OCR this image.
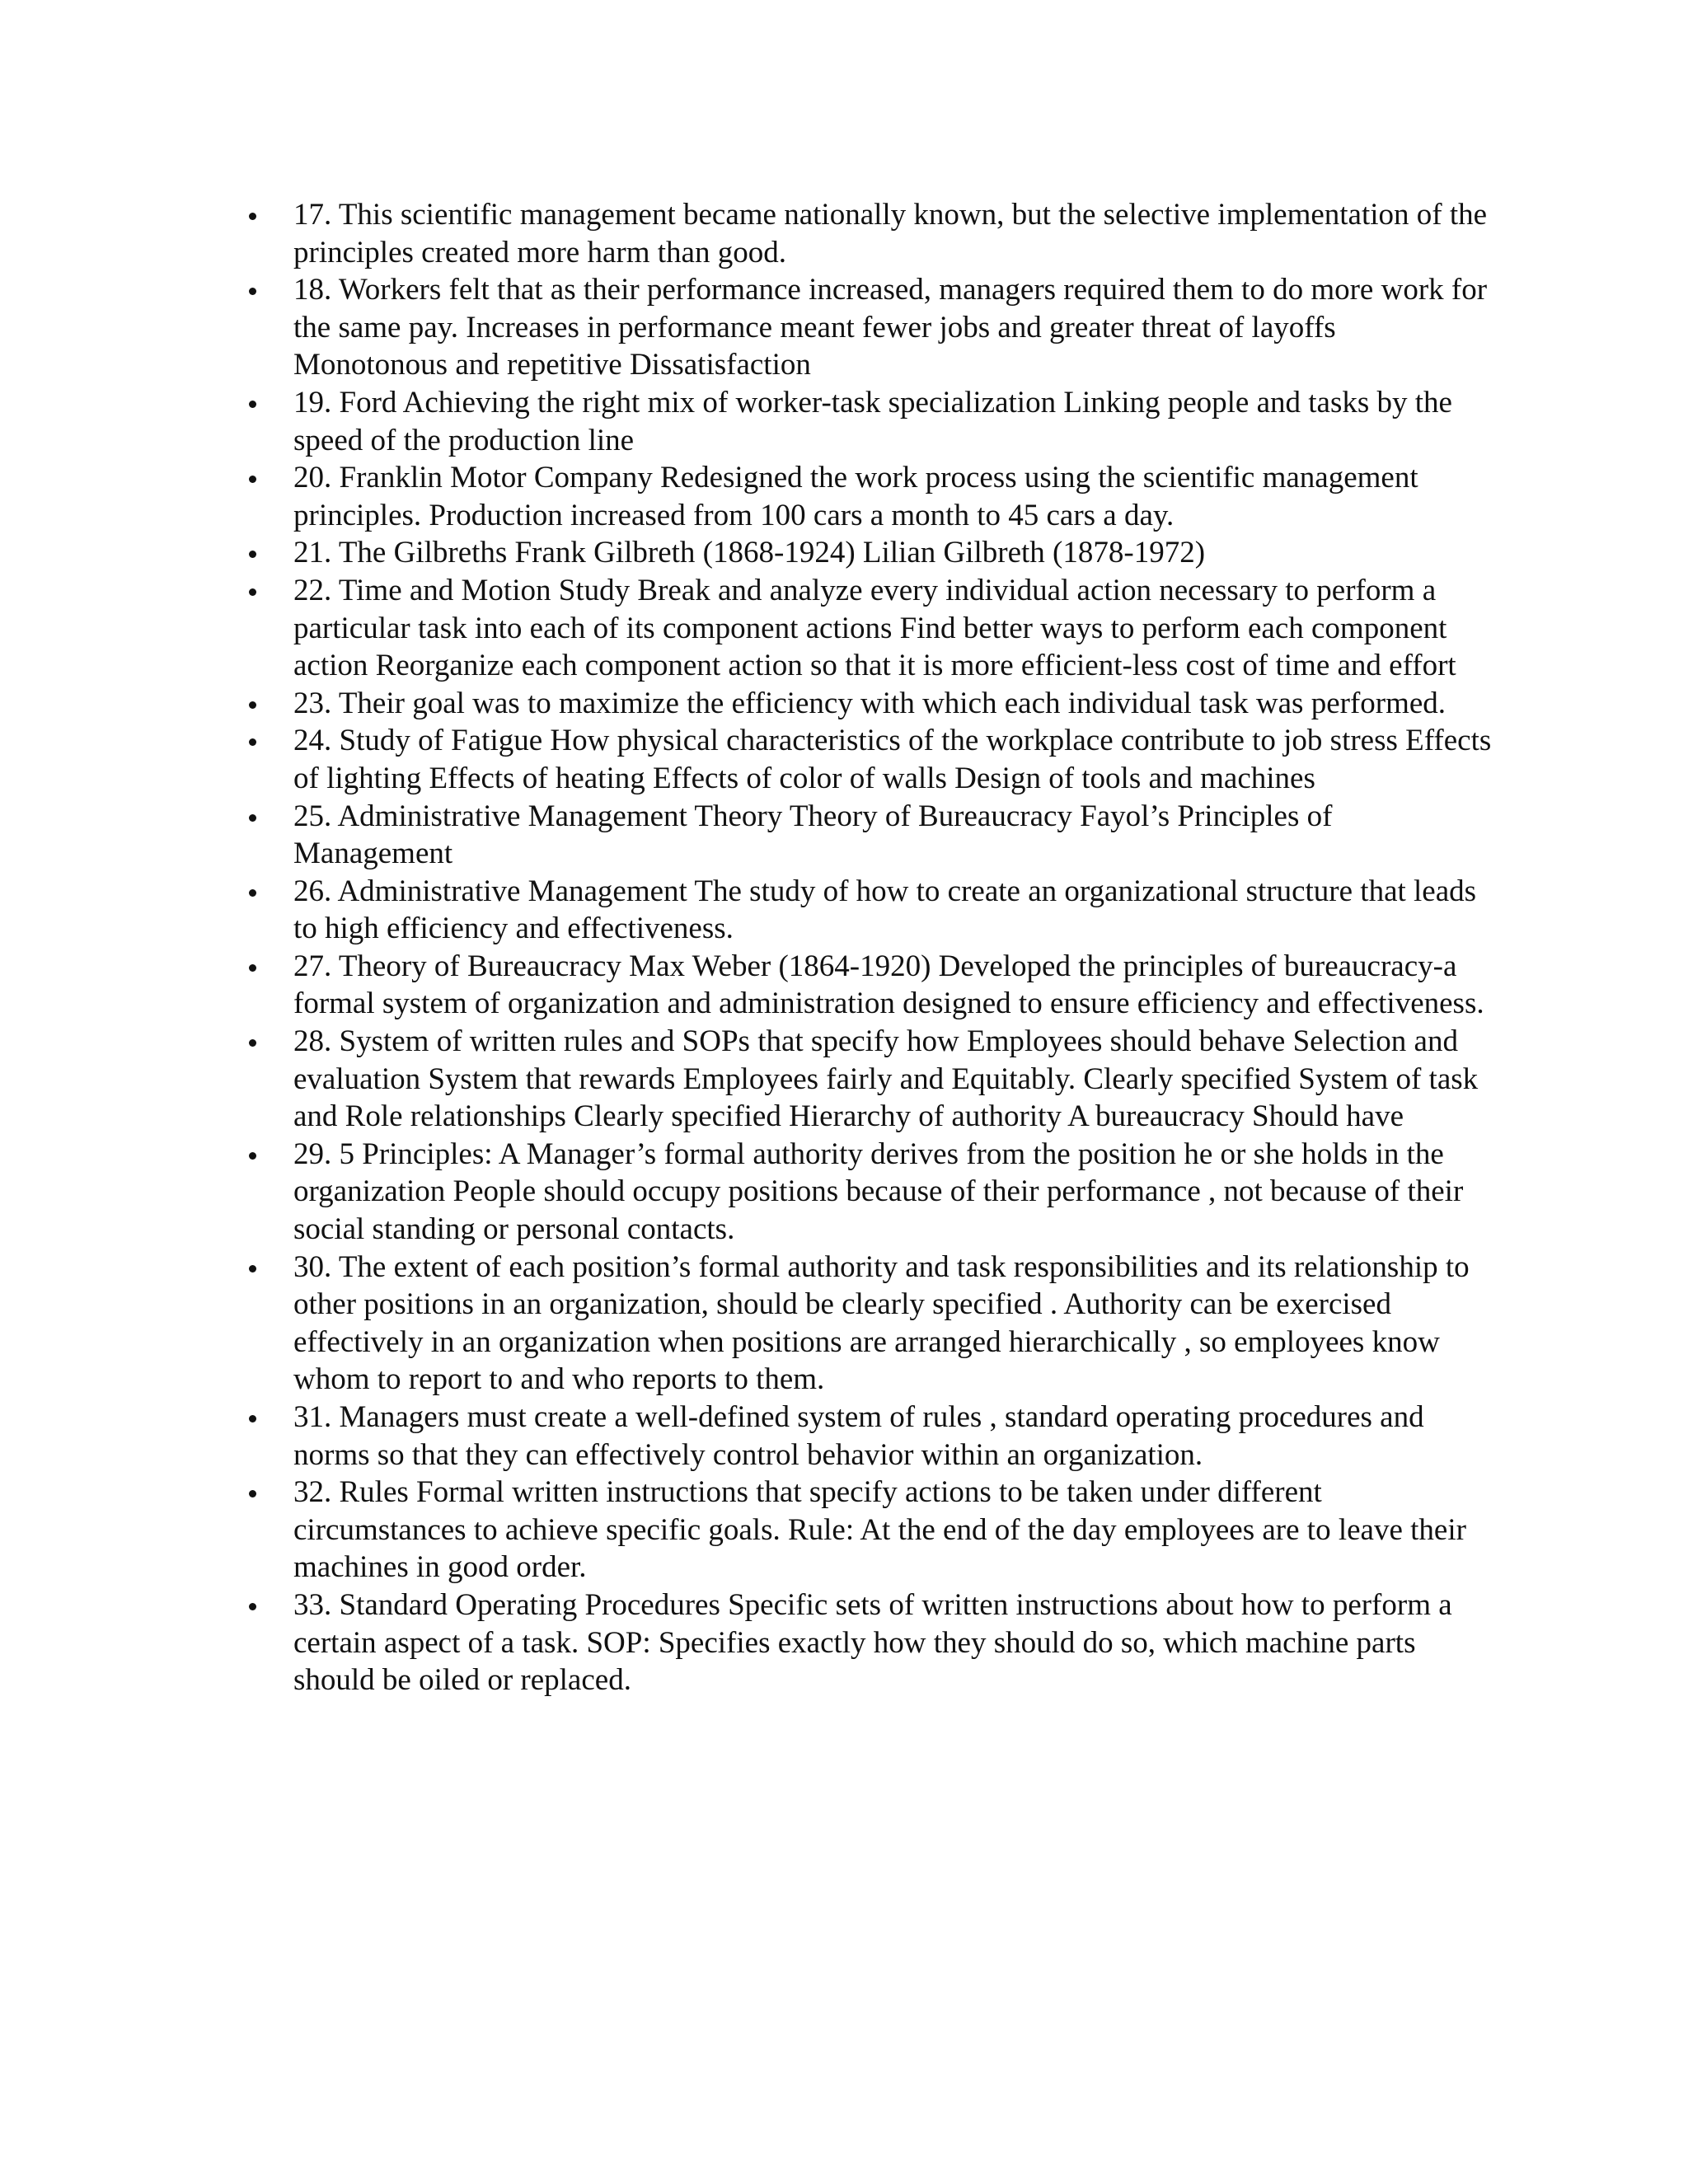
17. This scientific management became nationally known, but the selective implementation of the principles created more harm than good.
18. Workers felt that as their performance increased, managers required them to do more work for the same pay. Increases in performance meant fewer jobs and greater threat of layoffs Monotonous and repetitive Dissatisfaction
19. Ford Achieving the right mix of worker-task specialization Linking people and tasks by the speed of the production line
20. Franklin Motor Company Redesigned the work process using the scientific management principles. Production increased from 100 cars a month to 45 cars a day.
21. The Gilbreths Frank Gilbreth (1868-1924) Lilian Gilbreth (1878-1972)
22. Time and Motion Study Break and analyze every individual action necessary to perform a particular task into each of its component actions Find better ways to perform each component action Reorganize each component action so that it is more efficient-less cost of time and effort
23. Their goal was to maximize the efficiency with which each individual task was performed.
24. Study of Fatigue How physical characteristics of the workplace contribute to job stress Effects of lighting Effects of heating Effects of color of walls Design of tools and machines
25. Administrative Management Theory Theory of Bureaucracy Fayol’s Principles of Management
26. Administrative Management The study of how to create an organizational structure that leads to high efficiency and effectiveness.
27. Theory of Bureaucracy Max Weber (1864-1920) Developed the principles of bureaucracy-a formal system of organization and administration designed to ensure efficiency and effectiveness.
28. System of written rules and SOPs that specify how Employees should behave Selection and evaluation System that rewards Employees fairly and Equitably. Clearly specified System of task and Role relationships Clearly specified Hierarchy of authority A bureaucracy Should have
29. 5 Principles: A Manager’s formal authority derives from the position he or she holds in the organization People should occupy positions because of their performance , not because of their social standing or personal contacts.
30. The extent of each position’s formal authority and task responsibilities and its relationship to other positions in an organization, should be clearly specified . Authority can be exercised effectively in an organization when positions are arranged hierarchically , so employees know whom to report to and who reports to them.
31. Managers must create a well-defined system of rules , standard operating procedures and norms so that they can effectively control behavior within an organization.
32. Rules Formal written instructions that specify actions to be taken under different circumstances to achieve specific goals. Rule: At the end of the day employees are to leave their machines in good order.
33. Standard Operating Procedures Specific sets of written instructions about how to perform a certain aspect of a task. SOP: Specifies exactly how they should do so, which machine parts should be oiled or replaced.
